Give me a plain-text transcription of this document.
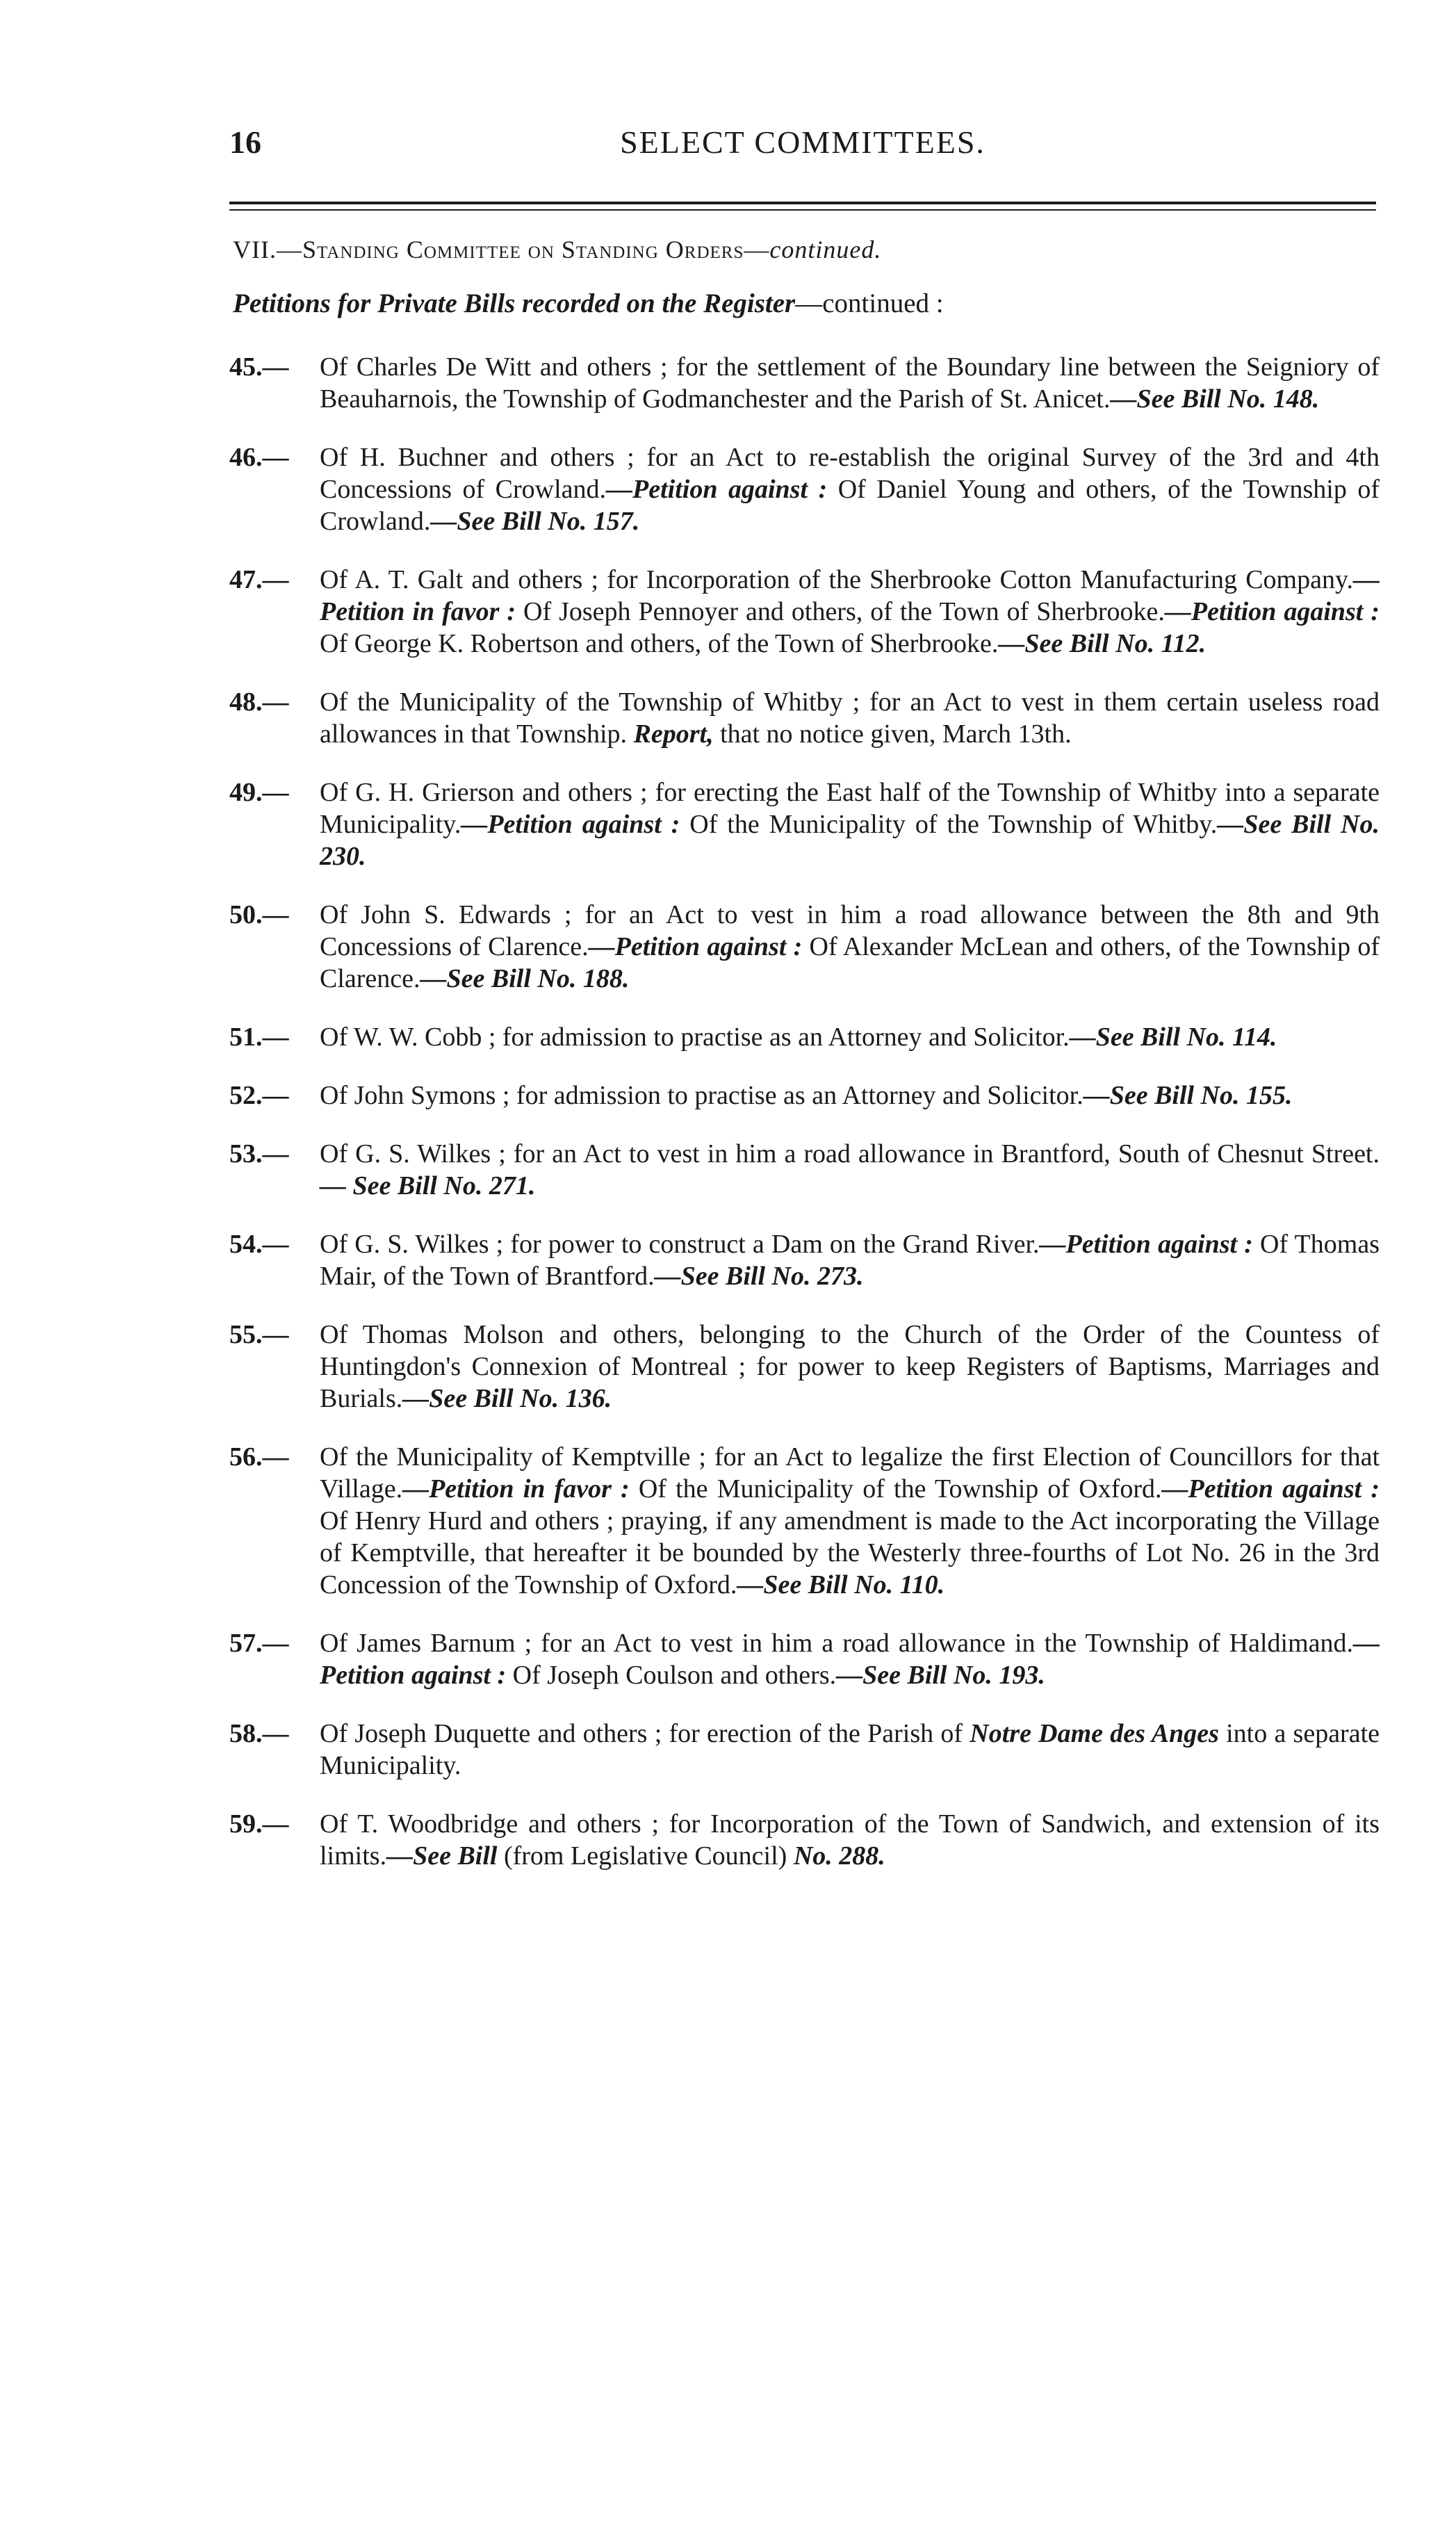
16	SELECT COMMITTEES.
VII.—Standing Committee on Standing Orders—continued.
Petitions for Private Bills recorded on the Register—continued :
45.— Of Charles De Witt and others ; for the settlement of the Boundary line between the Seigniory of Beauharnois, the Township of Godmanchester and the Parish of St. Anicet.—See Bill No. 148.
46.— Of H. Buchner and others ; for an Act to re-establish the original Survey of the 3rd and 4th Concessions of Crowland.—Petition against : Of Daniel Young and others, of the Township of Crowland.—See Bill No. 157.
47.— Of A. T. Galt and others ; for Incorporation of the Sherbrooke Cotton Manufacturing Company.—Petition in favor : Of Joseph Pennoyer and others, of the Town of Sherbrooke.—Petition against : Of George K. Robertson and others, of the Town of Sherbrooke.—See Bill No. 112.
48.— Of the Municipality of the Township of Whitby ; for an Act to vest in them certain useless road allowances in that Township. Report, that no notice given, March 13th.
49.— Of G. H. Grierson and others ; for erecting the East half of the Township of Whitby into a separate Municipality.—Petition against : Of the Municipality of the Township of Whitby.—See Bill No. 230.
50.— Of John S. Edwards ; for an Act to vest in him a road allowance between the 8th and 9th Concessions of Clarence.—Petition against : Of Alexander McLean and others, of the Township of Clarence.—See Bill No. 188.
51.— Of W. W. Cobb ; for admission to practise as an Attorney and Solicitor.—See Bill No. 114.
52.— Of John Symons ; for admission to practise as an Attorney and Solicitor.—See Bill No. 155.
53.— Of G. S. Wilkes ; for an Act to vest in him a road allowance in Brantford, South of Chesnut Street.— See Bill No. 271.
54.— Of G. S. Wilkes ; for power to construct a Dam on the Grand River.—Petition against : Of Thomas Mair, of the Town of Brantford.—See Bill No. 273.
55.— Of Thomas Molson and others, belonging to the Church of the Order of the Countess of Huntingdon's Connexion of Montreal ; for power to keep Registers of Baptisms, Marriages and Burials.—See Bill No. 136.
56.— Of the Municipality of Kemptville ; for an Act to legalize the first Election of Councillors for that Village.—Petition in favor : Of the Municipality of the Township of Oxford.—Petition against : Of Henry Hurd and others ; praying, if any amendment is made to the Act incorporating the Village of Kemptville, that hereafter it be bounded by the Westerly three-fourths of Lot No. 26 in the 3rd Concession of the Township of Oxford.—See Bill No. 110.
57.— Of James Barnum ; for an Act to vest in him a road allowance in the Township of Haldimand.—Petition against : Of Joseph Coulson and others.—See Bill No. 193.
58.— Of Joseph Duquette and others ; for erection of the Parish of Notre Dame des Anges into a separate Municipality.
59.— Of T. Woodbridge and others ; for Incorporation of the Town of Sandwich, and extension of its limits.—See Bill (from Legislative Council) No. 288.
